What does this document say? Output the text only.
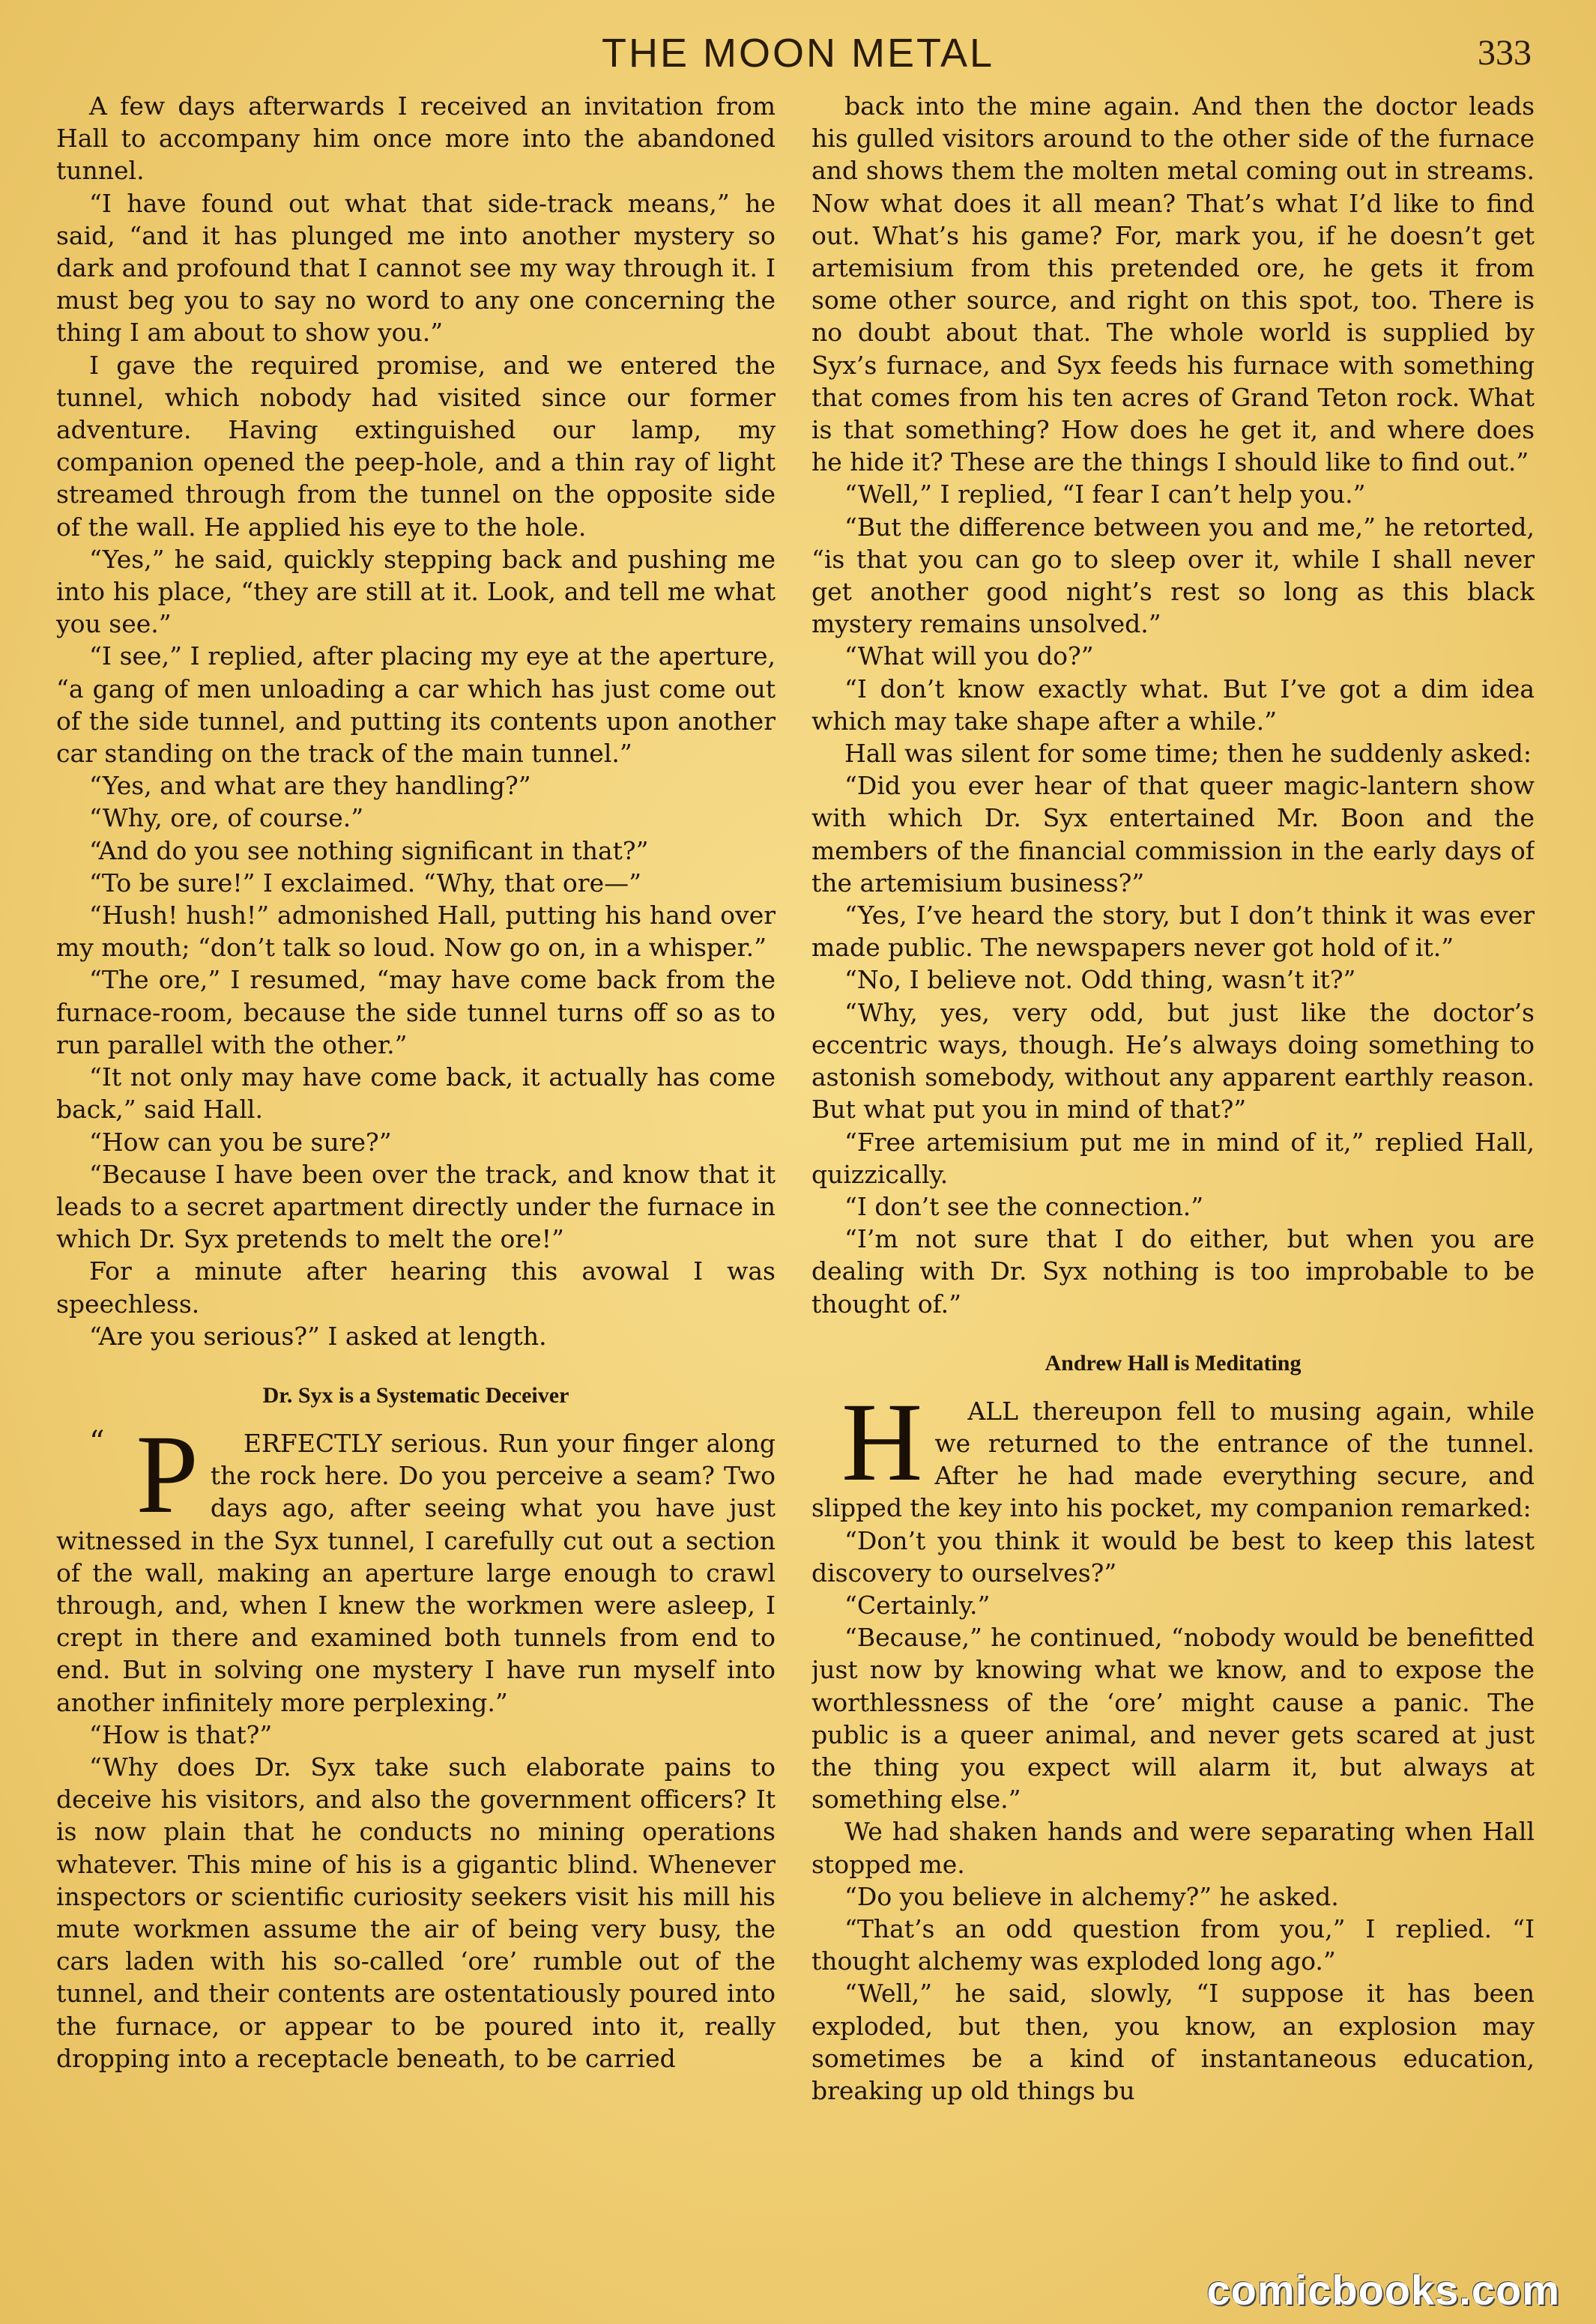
THE MOON METAL	333

A few days afterwards I received an invitation from Hall to accompany him once more into the abandoned tunnel.

“I have found out what that side-track means,” he said, “and it has plunged me into another mystery so dark and profound that I cannot see my way through it. I must beg you to say no word to any one concerning the thing I am about to show you.”

I gave the required promise, and we entered the tunnel, which nobody had visited since our former adventure. Having extinguished our lamp, my companion opened the peep-hole, and a thin ray of light streamed through from the tunnel on the opposite side of the wall. He applied his eye to the hole.

“Yes,” he said, quickly stepping back and pushing me into his place, “they are still at it. Look, and tell me what you see.”

“I see,” I replied, after placing my eye at the aperture, “a gang of men unloading a car which has just come out of the side tunnel, and putting its contents upon another car standing on the track of the main tunnel.”

“Yes, and what are they handling?”

“Why, ore, of course.”

“And do you see nothing significant in that?”

“To be sure!” I exclaimed. “Why, that ore—”

“Hush! hush!” admonished Hall, putting his hand over my mouth; “don’t talk so loud. Now go on, in a whisper.”

“The ore,” I resumed, “may have come back from the furnace-room, because the side tunnel turns off so as to run parallel with the other.”

“It not only may have come back, it actually has come back,” said Hall.

“How can you be sure?”

“Because I have been over the track, and know that it leads to a secret apartment directly under the furnace in which Dr. Syx pretends to melt the ore!”

For a minute after hearing this avowal I was speechless.

“Are you serious?” I asked at length.

Dr. Syx is a Systematic Deceiver

“ P ERFECTLY serious. Run your finger along the rock here. Do you perceive a seam? Two days ago, after seeing what you have just witnessed in the Syx tunnel, I carefully cut out a section of the wall, making an aperture large enough to crawl through, and, when I knew the workmen were asleep, I crept in there and examined both tunnels from end to end. But in solving one mystery I have run myself into another infinitely more perplexing.”

“How is that?”

“Why does Dr. Syx take such elaborate pains to deceive his visitors, and also the government officers? It is now plain that he conducts no mining operations whatever. This mine of his is a gigantic blind. Whenever inspectors or scientific curiosity seekers visit his mill his mute workmen assume the air of being very busy, the cars laden with his so-called ‘ore’ rumble out of the tunnel, and their contents are ostentatiously poured into the furnace, or appear to be poured into it, really dropping into a receptacle beneath, to be carried

back into the mine again. And then the doctor leads his gulled visitors around to the other side of the furnace and shows them the molten metal coming out in streams. Now what does it all mean? That’s what I’d like to find out. What’s his game? For, mark you, if he doesn’t get artemisium from this pretended ore, he gets it from some other source, and right on this spot, too. There is no doubt about that. The whole world is supplied by Syx’s furnace, and Syx feeds his furnace with something that comes from his ten acres of Grand Teton rock. What is that something? How does he get it, and where does he hide it? These are the things I should like to find out.”

“Well,” I replied, “I fear I can’t help you.”

“But the difference between you and me,” he retorted, “is that you can go to sleep over it, while I shall never get another good night’s rest so long as this black mystery remains unsolved.”

“What will you do?”

“I don’t know exactly what. But I’ve got a dim idea which may take shape after a while.”

Hall was silent for some time; then he suddenly asked:

“Did you ever hear of that queer magic-lantern show with which Dr. Syx entertained Mr. Boon and the members of the financial commission in the early days of the artemisium business?”

“Yes, I’ve heard the story, but I don’t think it was ever made public. The newspapers never got hold of it.”

“No, I believe not. Odd thing, wasn’t it?”

“Why, yes, very odd, but just like the doctor’s eccentric ways, though. He’s always doing something to astonish somebody, without any apparent earthly reason. But what put you in mind of that?”

“Free artemisium put me in mind of it,” replied Hall, quizzically.

“I don’t see the connection.”

“I’m not sure that I do either, but when you are dealing with Dr. Syx nothing is too improbable to be thought of.”

Andrew Hall is Meditating

H ALL thereupon fell to musing again, while we returned to the entrance of the tunnel. After he had made everything secure, and slipped the key into his pocket, my companion remarked:

“Don’t you think it would be best to keep this latest discovery to ourselves?”

“Certainly.”

“Because,” he continued, “nobody would be benefitted just now by knowing what we know, and to expose the worthlessness of the ‘ore’ might cause a panic. The public is a queer animal, and never gets scared at just the thing you expect will alarm it, but always at something else.”

We had shaken hands and were separating when Hall stopped me.

“Do you believe in alchemy?” he asked.

“That’s an odd question from you,” I replied. “I thought alchemy was exploded long ago.”

“Well,” he said, slowly, “I suppose it has been exploded, but then, you know, an explosion may sometimes be a kind of instantaneous education, breaking up old things bu

comicbooks.com
